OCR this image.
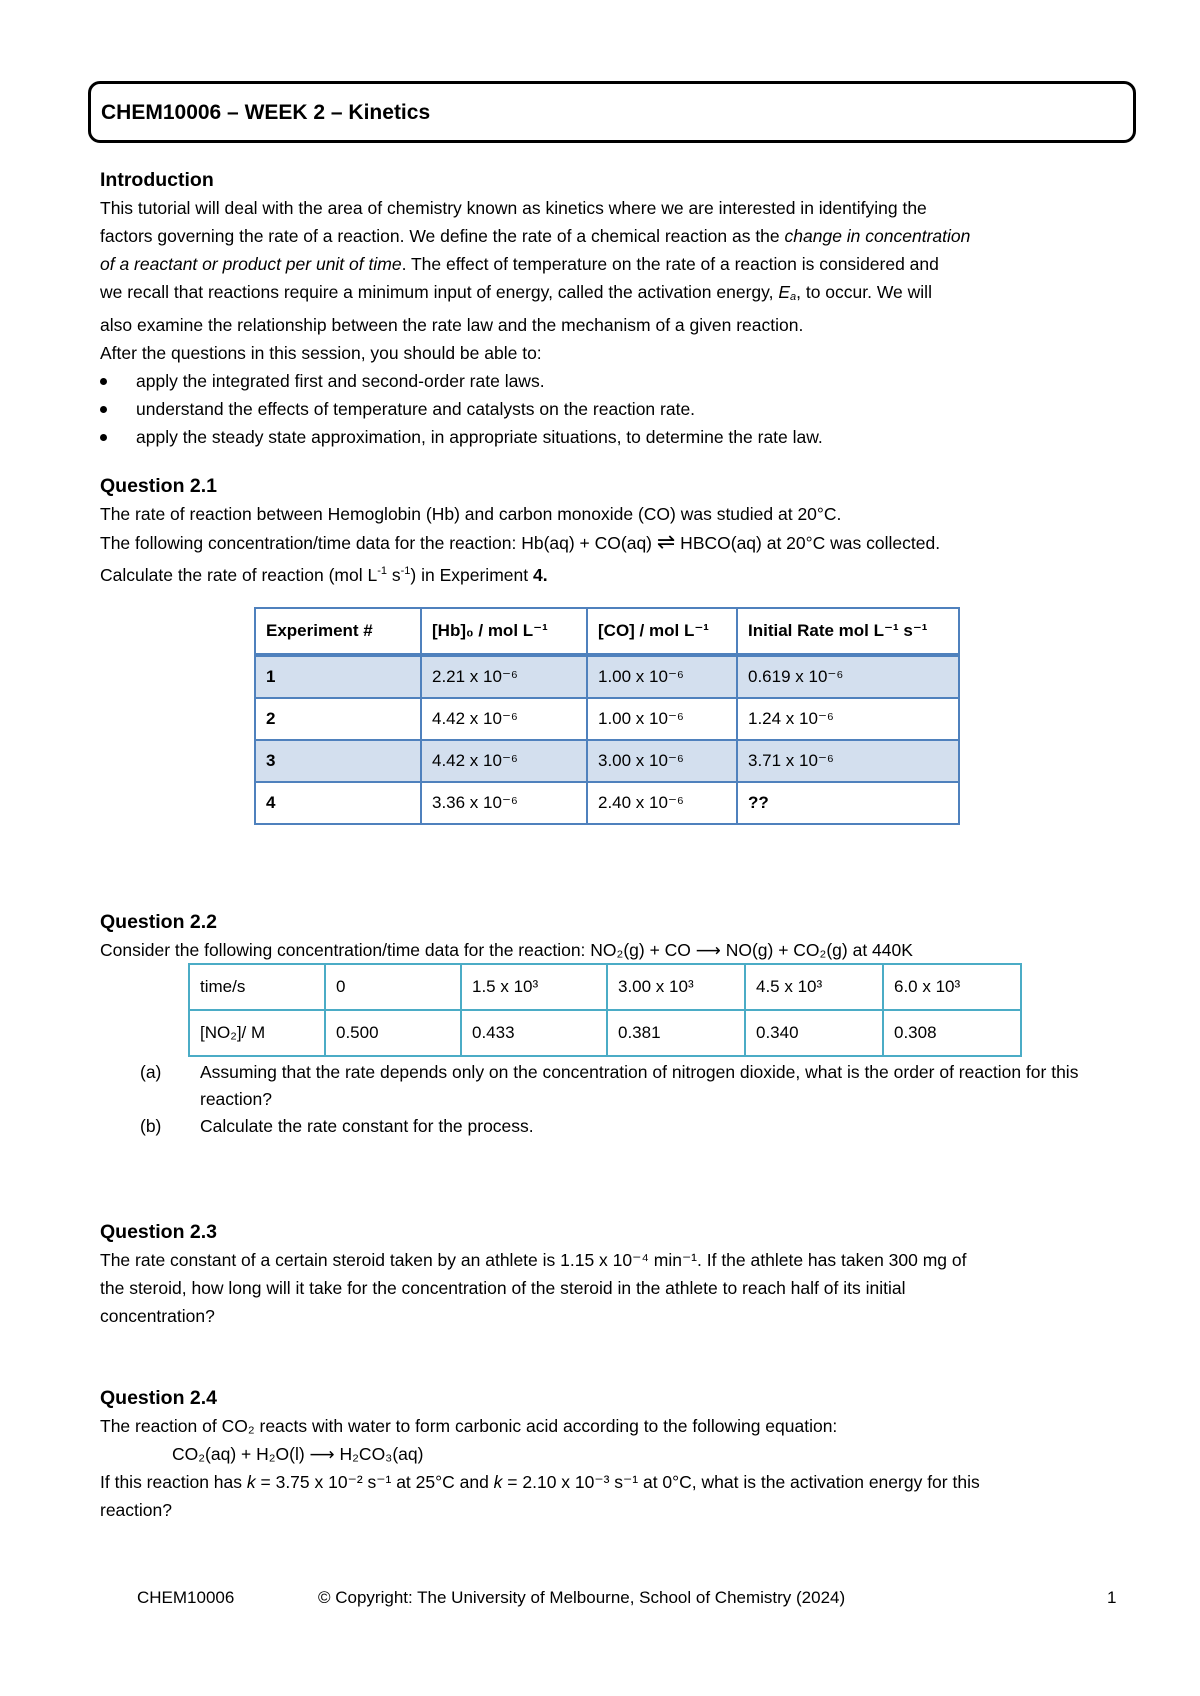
CHEM10006 – WEEK 2 – Kinetics
Introduction
This tutorial will deal with the area of chemistry known as kinetics where we are interested in identifying the
factors governing the rate of a reaction. We define the rate of a chemical reaction as the change in concentration
of a reactant or product per unit of time. The effect of temperature on the rate of a reaction is considered and
we recall that reactions require a minimum input of energy, called the activation energy, Ea, to occur. We will
also examine the relationship between the rate law and the mechanism of a given reaction.
After the questions in this session, you should be able to:
apply the integrated first and second-order rate laws.
understand the effects of temperature and catalysts on the reaction rate.
apply the steady state approximation, in appropriate situations, to determine the rate law.
Question 2.1
The rate of reaction between Hemoglobin (Hb) and carbon monoxide (CO) was studied at 20°C.
The following concentration/time data for the reaction: Hb(aq) + CO(aq) ⇌ HBCO(aq) at 20°C was collected.
Calculate the rate of reaction (mol $L^{-1}$ $s^{-1}$) in Experiment 4.
Experiment #	[Hb]₀ / mol L⁻¹	[CO] / mol L⁻¹	Initial Rate mol L⁻¹ s⁻¹
1	2.21 x 10⁻⁶	1.00 x 10⁻⁶	0.619 x 10⁻⁶
2	4.42 x 10⁻⁶	1.00 x 10⁻⁶	1.24 x 10⁻⁶
3	4.42 x 10⁻⁶	3.00 x 10⁻⁶	3.71 x 10⁻⁶
4	3.36 x 10⁻⁶	2.40 x 10⁻⁶	??
Question 2.2
Consider the following concentration/time data for the reaction: NO₂(g) + CO ⟶ NO(g) + CO₂(g) at 440K
time/s	0	1.5 x 10³	3.00 x 10³	4.5 x 10³	6.0 x 10³
[NO₂]/ M	0.500	0.433	0.381	0.340	0.308
(a) Assuming that the rate depends only on the concentration of nitrogen dioxide, what is the order of reaction for this reaction?
(b) Calculate the rate constant for the process.
Question 2.3
The rate constant of a certain steroid taken by an athlete is 1.15 x 10⁻⁴ min⁻¹. If the athlete has taken 300 mg of
the steroid, how long will it take for the concentration of the steroid in the athlete to reach half of its initial
concentration?
Question 2.4
The reaction of CO₂ reacts with water to form carbonic acid according to the following equation:
CO₂(aq) + H₂O(l) ⟶ H₂CO₃(aq)
If this reaction has k = 3.75 x 10⁻² s⁻¹ at 25°C and k = 2.10 x 10⁻³ s⁻¹ at 0°C, what is the activation energy for this
reaction?
CHEM10006	© Copyright: The University of Melbourne, School of Chemistry (2024)	1
